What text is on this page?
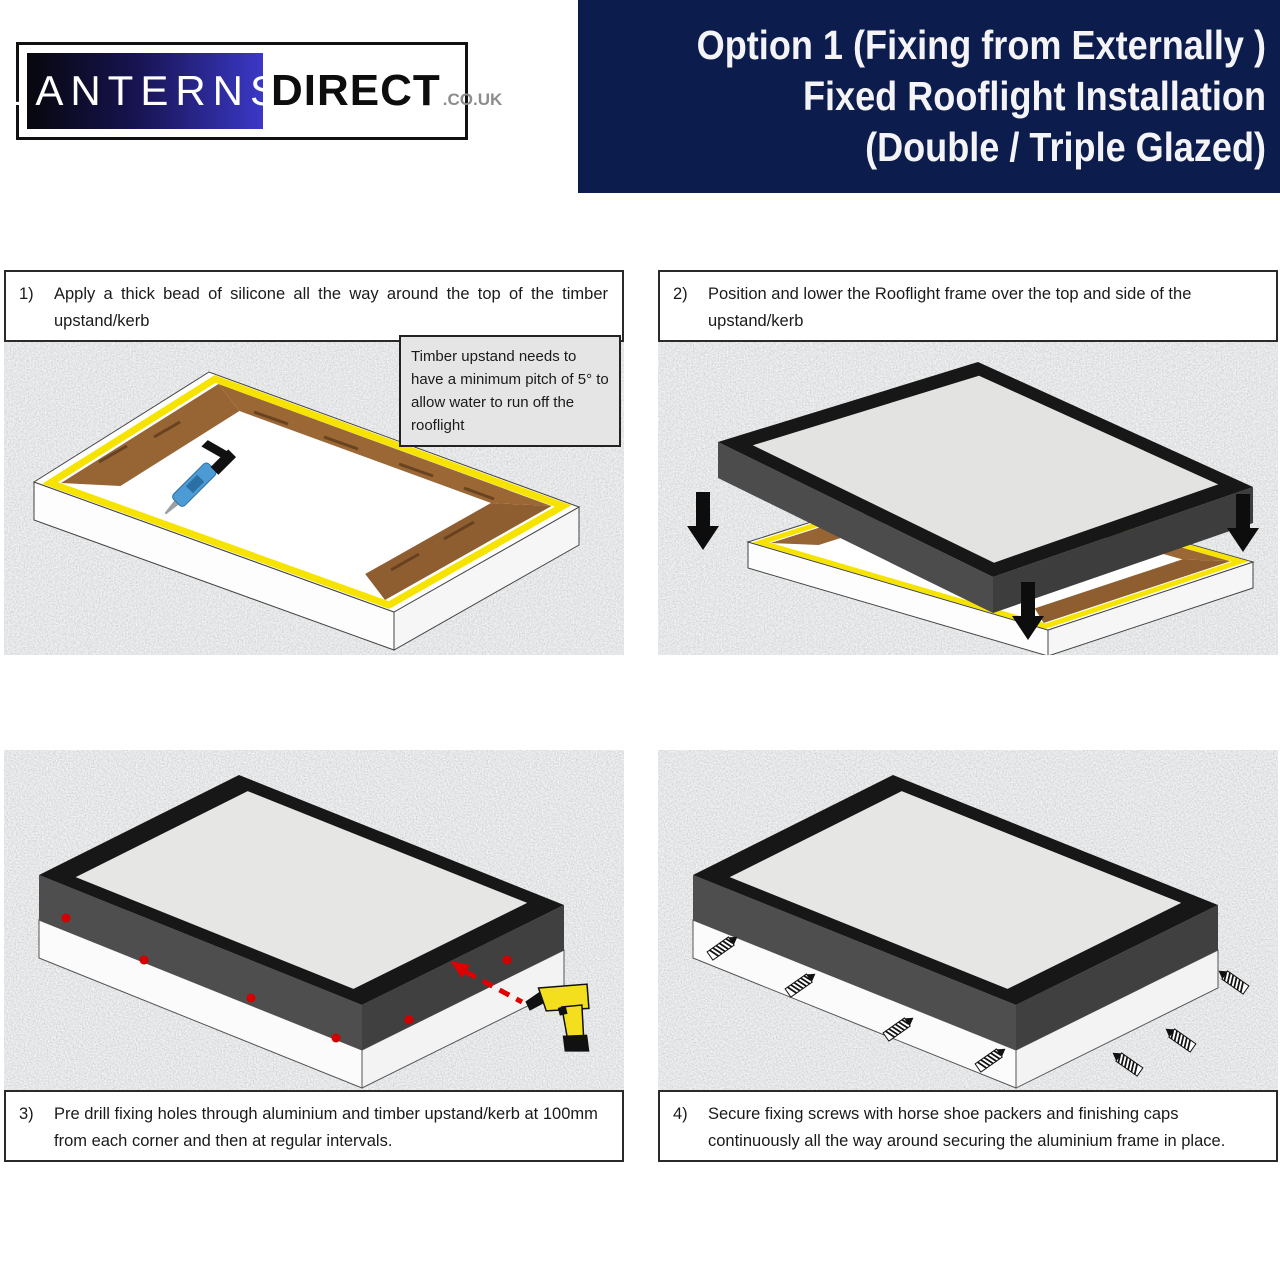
LANTERNS
DIRECT .CO.UK
Option 1 (Fixing from Externally )
Fixed Rooflight Installation
(Double / Triple Glazed)
1) Apply a thick bead of silicone all the way around the top of the timber upstand/kerb
Timber upstand needs to have a minimum pitch of 5° to allow water to run off the rooflight
2) Position and lower the Rooflight frame over the top and side of the upstand/kerb
3) Pre drill fixing holes through aluminium and timber upstand/kerb at 100mm from each corner and then at regular intervals.
4) Secure fixing screws with horse shoe packers and finishing caps continuously all the way around securing the aluminium frame in place.
